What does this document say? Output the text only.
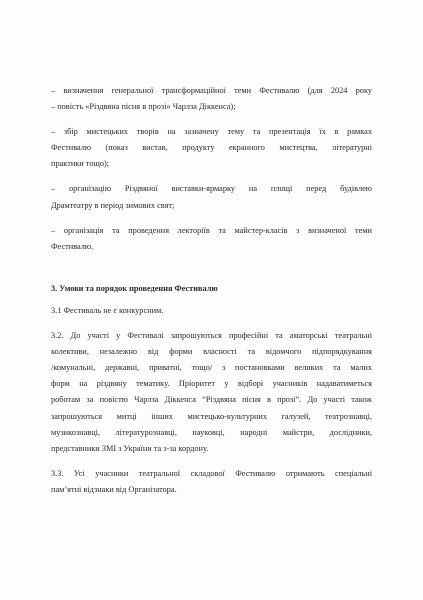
– визначення генеральної трансформаційної теми Фестивалю (для 2024 року
– повість «Різдвяна пісня в прозі» Чарлза Діккенса);
– збір мистецьких творів на зазначену тему та презентація їх в рамках
Фестивалю (показ вистав, продукту екранного мистецтва, літературні
практики тощо);
– організацію Різдвяної виставки-ярмарку на площі перед будівлею
Драмтеатру в період зимових свят;
– організація та проведення лекторіїв та майстер-класів з визначеної теми
Фестивалю.
3. Умови та порядок проведення Фестивалю
3.1 Фестиваль не є конкурсним.
3.2. До участі у Фестивалі запрошуються професійні та аматорські театральні
колективи, незалежно від форми власності та відомчого підпорядкування
/комунальні, державні, приватні, тощо/ з постановками великих та малих
форм на різдвяну тематику. Пріоритет у відборі учасників надаватиметься
роботам за повістю Чарлза Діккенса “Різдвяна пісня в прозі”. До участі також
запрошуються митці інших мистецько-культурних галузей, театрознавці,
музикознавці, літературознавці, науковці, народні майстри, дослідники,
представники ЗМІ з України та з-за кордону.
3.3. Усі учасники театральної складової Фестивалю отримають спеціальні
пам’ятні відзнаки від Організатора.
